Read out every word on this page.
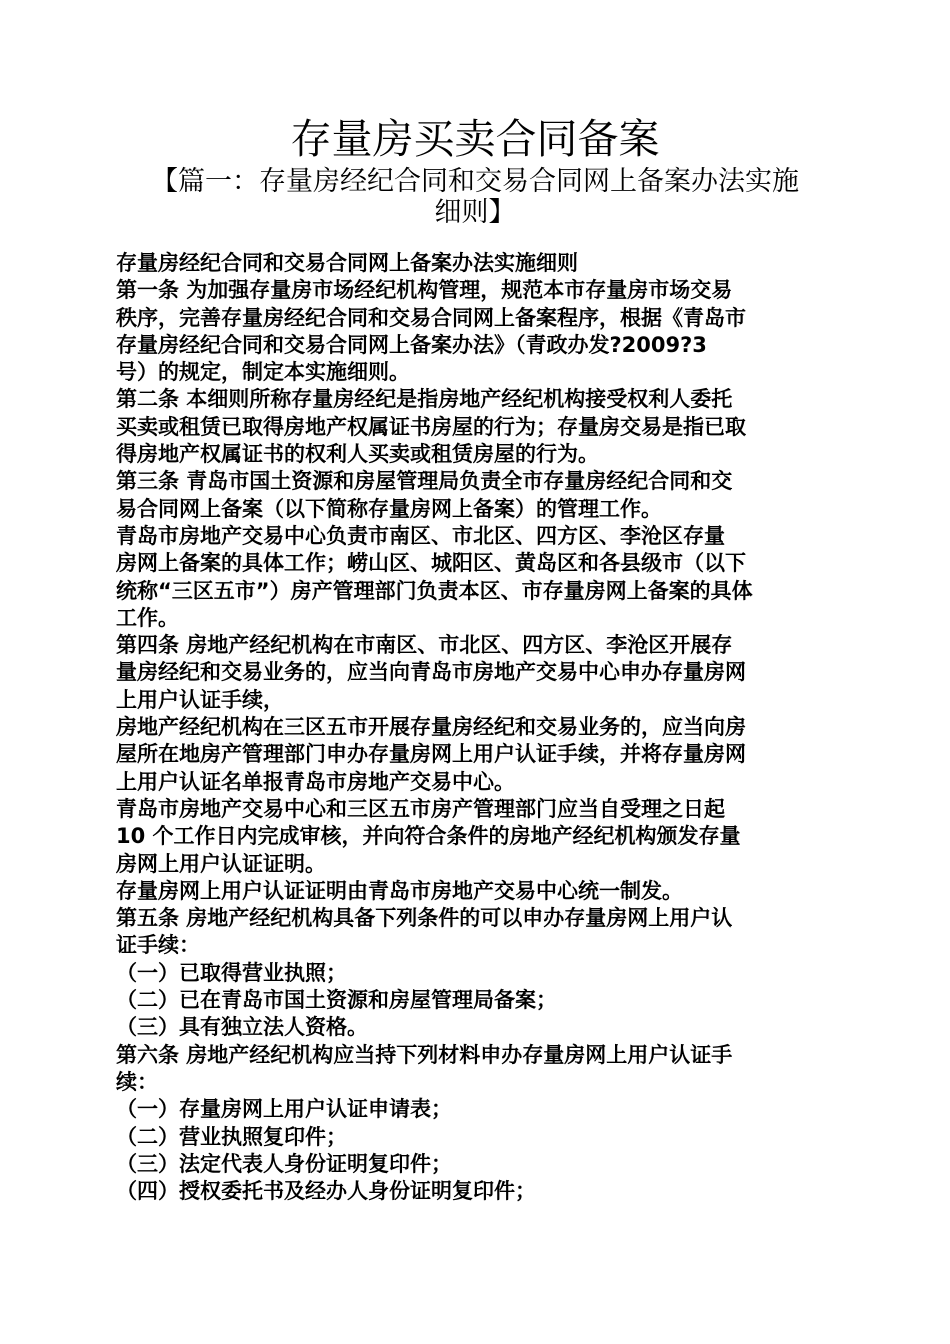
存量房买卖合同备案
【篇一：存量房经纪合同和交易合同网上备案办法实施
细则】
存量房经纪合同和交易合同网上备案办法实施细则
第一条 为加强存量房市场经纪机构管理，规范本市存量房市场交易
秩序，完善存量房经纪合同和交易合同网上备案程序，根据《青岛市
存量房经纪合同和交易合同网上备案办法》（青政办发?2009?3
号）的规定，制定本实施细则。
第二条 本细则所称存量房经纪是指房地产经纪机构接受权利人委托
买卖或租赁已取得房地产权属证书房屋的行为；存量房交易是指已取
得房地产权属证书的权利人买卖或租赁房屋的行为。
第三条 青岛市国土资源和房屋管理局负责全市存量房经纪合同和交
易合同网上备案（以下简称存量房网上备案）的管理工作。
青岛市房地产交易中心负责市南区、市北区、四方区、李沧区存量
房网上备案的具体工作；崂山区、城阳区、黄岛区和各县级市（以下
统称“三区五市”）房产管理部门负责本区、市存量房网上备案的具体
工作。
第四条 房地产经纪机构在市南区、市北区、四方区、李沧区开展存
量房经纪和交易业务的，应当向青岛市房地产交易中心申办存量房网
上用户认证手续，
房地产经纪机构在三区五市开展存量房经纪和交易业务的，应当向房
屋所在地房产管理部门申办存量房网上用户认证手续，并将存量房网
上用户认证名单报青岛市房地产交易中心。
青岛市房地产交易中心和三区五市房产管理部门应当自受理之日起
10 个工作日内完成审核，并向符合条件的房地产经纪机构颁发存量
房网上用户认证证明。
存量房网上用户认证证明由青岛市房地产交易中心统一制发。
第五条 房地产经纪机构具备下列条件的可以申办存量房网上用户认
证手续：
（一）已取得营业执照；
（二）已在青岛市国土资源和房屋管理局备案；
（三）具有独立法人资格。
第六条 房地产经纪机构应当持下列材料申办存量房网上用户认证手
续：
（一）存量房网上用户认证申请表；
（二）营业执照复印件；
（三）法定代表人身份证明复印件；
（四）授权委托书及经办人身份证明复印件；
